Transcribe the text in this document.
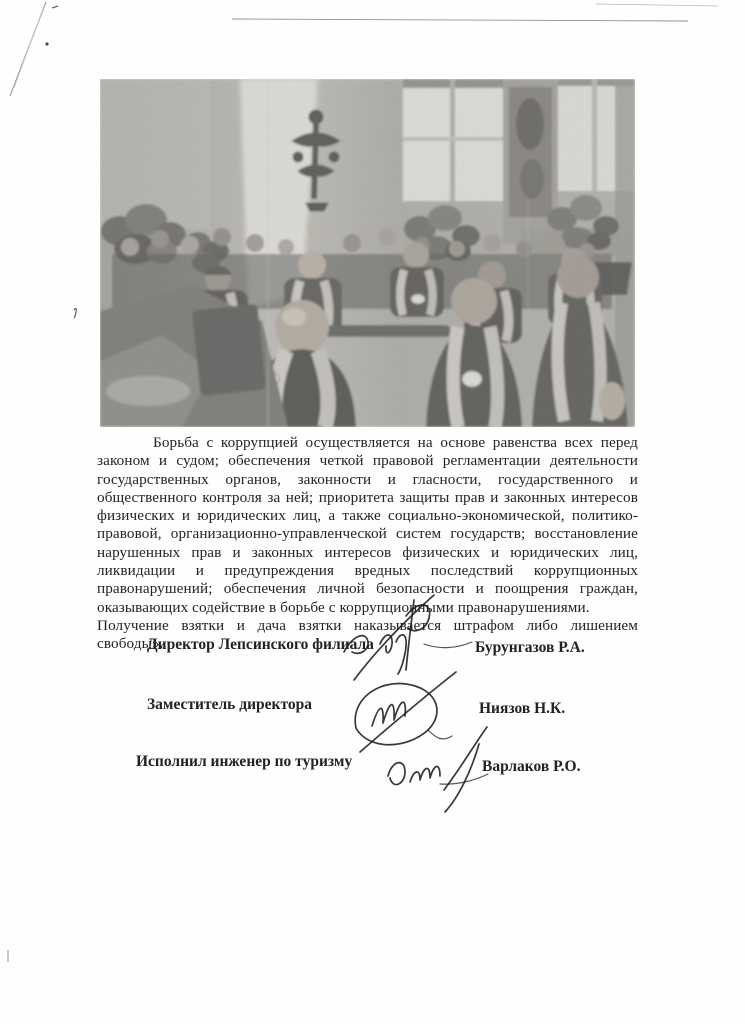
Борьба с коррупцией осуществляется на основе равенства всех перед законом и судом; обеспечения четкой правовой регламентации деятельности государственных органов, законности и гласности, государственного и общественного контроля за ней; приоритета защиты прав и законных интересов физических и юридических лиц, а также социально-экономической, политико-правовой, организационно-управленческой систем государств; восстановление нарушенных прав и законных интересов физических и юридических лиц, ликвидации и предупреждения вредных последствий коррупционных правонарушений; обеспечения личной безопасности и поощрения граждан, оказывающих содействие в борьбе с коррупционными правонарушениями.

Получение взятки и дача взятки наказывается штрафом либо лишением свободы».

Директор Лепсинского филиала	Бурунгазов Р.А.
Заместитель директора	Ниязов Н.К.
Исполнил инженер по туризму	Варлаков Р.О.
